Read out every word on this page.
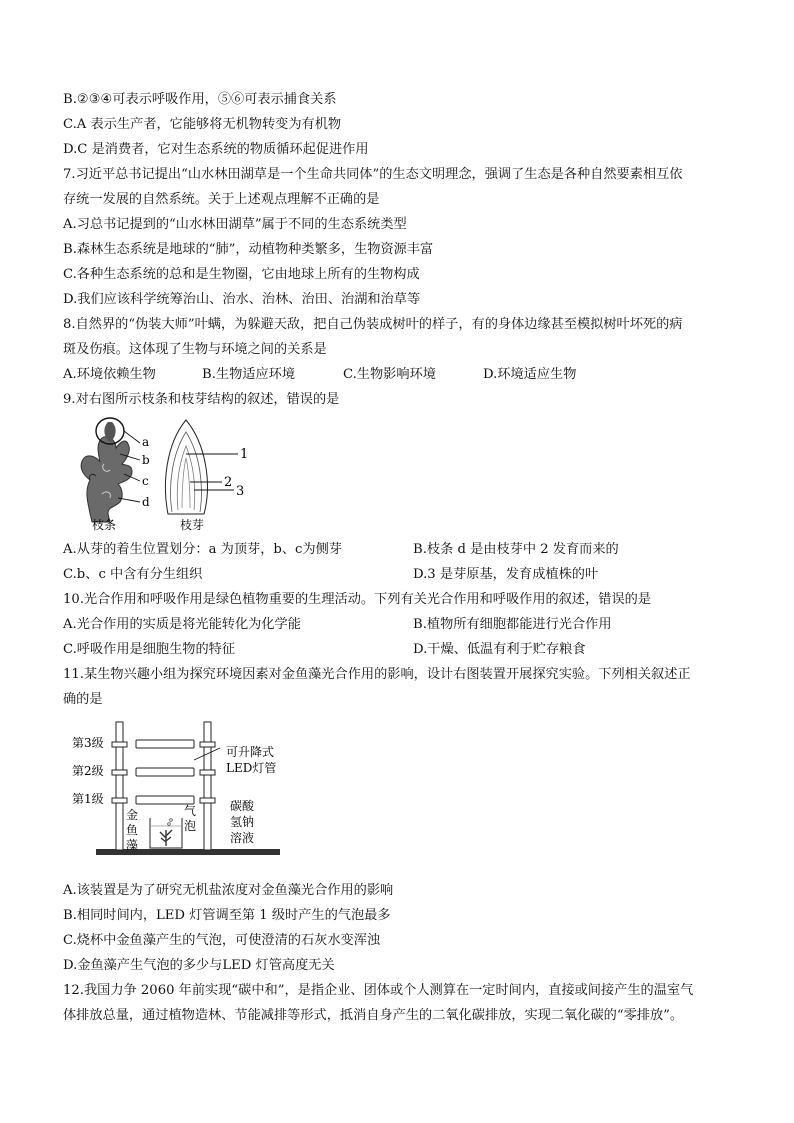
B.②③④可表示呼吸作用，⑤⑥可表示捕食关系
C.A 表示生产者，它能够将无机物转变为有机物
D.C 是消费者，它对生态系统的物质循环起促进作用
7.习近平总书记提出“山水林田湖草是一个生命共同体”的生态文明理念，强调了生态是各种自然要素相互依
存统一发展的自然系统。关于上述观点理解不正确的是
A.习总书记提到的“山水林田湖草”属于不同的生态系统类型
B.森林生态系统是地球的“肺”，动植物种类繁多，生物资源丰富
C.各种生态系统的总和是生物圈，它由地球上所有的生物构成
D.我们应该科学统筹治山、治水、治林、治田、治湖和治草等
8.自然界的“伪装大师”叶螨，为躲避天敌，把自己伪装成树叶的样子，有的身体边缘甚至模拟树叶坏死的病
斑及伤痕。这体现了生物与环境之间的关系是
A.环境依赖生物	B.生物适应环境	C.生物影响环境	D.环境适应生物
9.对右图所示枝条和枝芽结构的叙述，错误的是
a
b
c
d
1
2
3
枝条	枝芽
A.从芽的着生位置划分：a 为顶芽，b、c为侧芽	B.枝条 d 是由枝芽中 2 发育而来的
C.b、c 中含有分生组织	D.3 是芽原基，发育成植株的叶
10.光合作用和呼吸作用是绿色植物重要的生理活动。下列有关光合作用和呼吸作用的叙述，错误的是
A.光合作用的实质是将光能转化为化学能	B.植物所有细胞都能进行光合作用
C.呼吸作用是细胞生物的特征	D.干燥、低温有利于贮存粮食
11.某生物兴趣小组为探究环境因素对金鱼藻光合作用的影响，设计右图装置开展探究实验。下列相关叙述正
确的是
第3级
第2级
第1级
可升降式
LED灯管
金
鱼
藻
气
泡
碳酸
氢钠
溶液
A.该装置是为了研究无机盐浓度对金鱼藻光合作用的影响
B.相同时间内，LED 灯管调至第 1 级时产生的气泡最多
C.烧杯中金鱼藻产生的气泡，可使澄清的石灰水变浑浊
D.金鱼藻产生气泡的多少与LED 灯管高度无关
12.我国力争 2060 年前实现“碳中和”，是指企业、团体或个人测算在一定时间内，直接或间接产生的温室气
体排放总量，通过植物造林、节能减排等形式，抵消自身产生的二氧化碳排放，实现二氧化碳的“零排放”。
